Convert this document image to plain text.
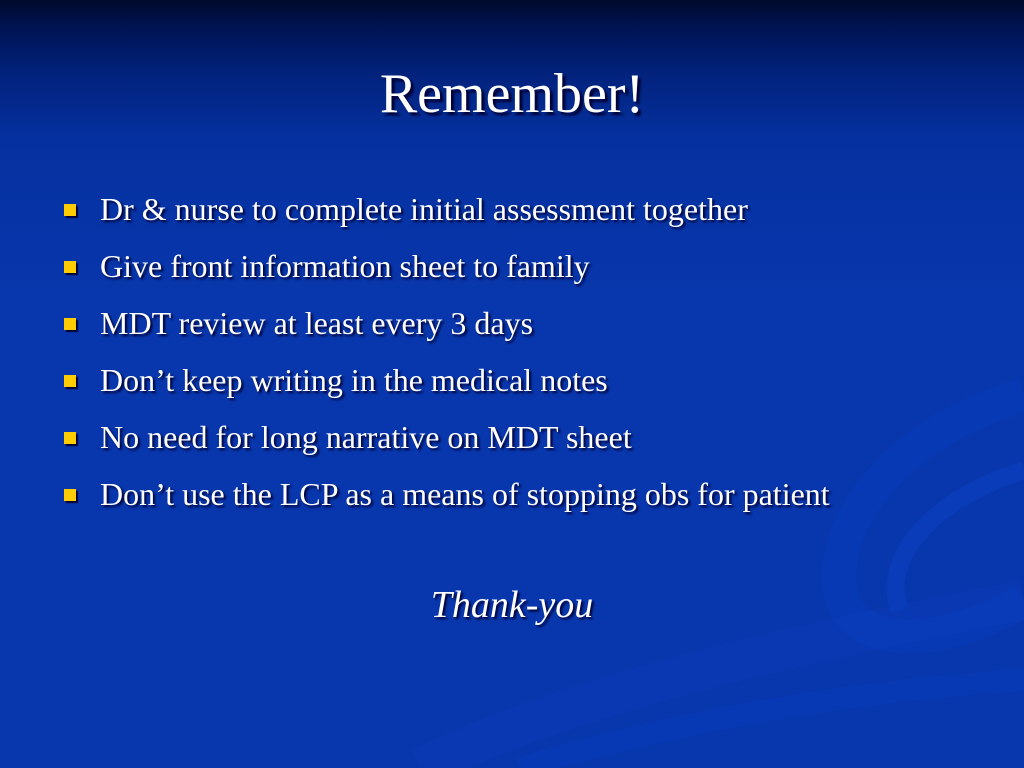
Remember!
Dr & nurse to complete initial assessment together
Give front information sheet to family
MDT review at least every 3 days
Don’t keep writing in the medical notes
No need for long narrative on MDT sheet
Don’t use the LCP as a means of stopping obs for patient
Thank-you
